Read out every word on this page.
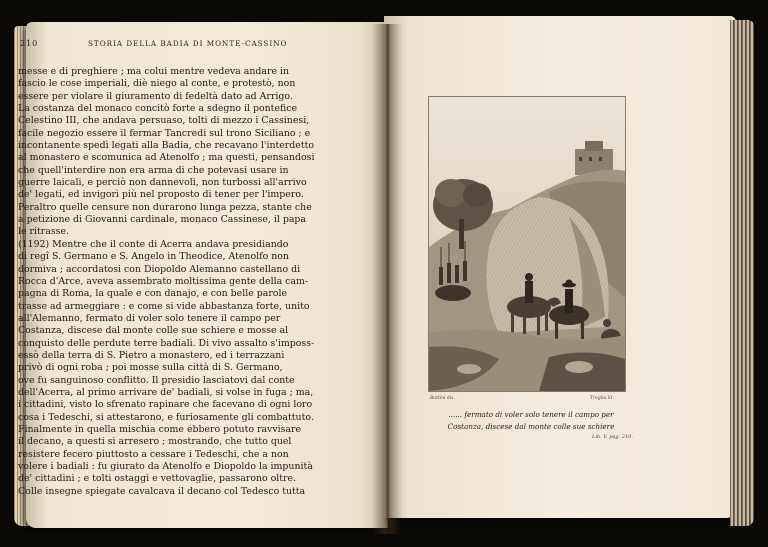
210	STORIA DELLA BADIA DI MONTE-CASSINO
messe e di preghiere ; ma colui mentre vedeva andare in
fascio le cose imperiali, diè niego al conte, e protestò, non
essere per violare il giuramento di fedeltà dato ad Arrigo.
La costanza del monaco concitò forte a sdegno il pontefice
Celestino III, che andava persuaso, tolti di mezzo i Cassinesi,
facile negozio essere il fermar Tancredi sul trono Siciliano ; e
incontanente spedì legati alla Badia, che recavano l'interdetto
al monastero e scomunica ad Atenolfo ; ma questi, pensandosi
che quell'interdire non era arma di che potevasi usare in
guerre laicali, e perciò non dannevoli, non turbossi all'arrivo
de' legati, ed invigorì più nel proposto di tener per l'impero.
Peraltro quelle censure non durarono lunga pezza, stante che
a petizione di Giovanni cardinale, monaco Cassinese, il papa
le ritrasse.
(1192) Mentre che il conte di Acerra andava presidiando
di regî S. Germano e S. Angelo in Theodice, Atenolfo non
dormiva ; accordatosi con Diopoldo Alemanno castellano di
Rocca d'Arce, aveva assembrato moltissima gente della cam-
pagna di Roma, la quale e con danajo, e con belle parole
trasse ad armeggiare : e come si vide abbastanza forte, unito
all'Alemanno, fermato di voler solo tenere il campo per
Costanza, discese dal monte colle sue schiere e mosse al
conquisto delle perdute terre badiali. Di vivo assalto s'imposs-
essò della terra di S. Pietro a monastero, ed i terrazzani
privò di ogni roba ; poi mosse sulla città di S. Germano,
ove fu sanguinoso conflitto. Il presidio lasciatovi dal conte
dell'Acerra, al primo arrivare de' badiali, si volse in fuga ; ma,
i cittadini, visto lo sfrenato rapinare che facevano di ogni loro
cosa i Tedeschi, si attestarono, e furiosamente gli combattuto.
Finalmente in quella mischia come ebbero potuto ravvisare
il decano, a questi si arresero ; mostrando, che tutto quel
resistere fecero piuttosto a cessare i Tedeschi, che a non
volere i badiali : fu giurato da Atenolfo e Diopoldo la impunità
de' cittadini ; e tolti ostaggi e vettovaglie, passarono oltre.
Colle insegne spiegate cavalcava il decano col Tedesco tutta
Bottini dis.	Troglia lit.
...... fermato di voler solo tenere il campo per
Costanza, discese dal monte colle sue schiere
Lib. V. pag. 210.
